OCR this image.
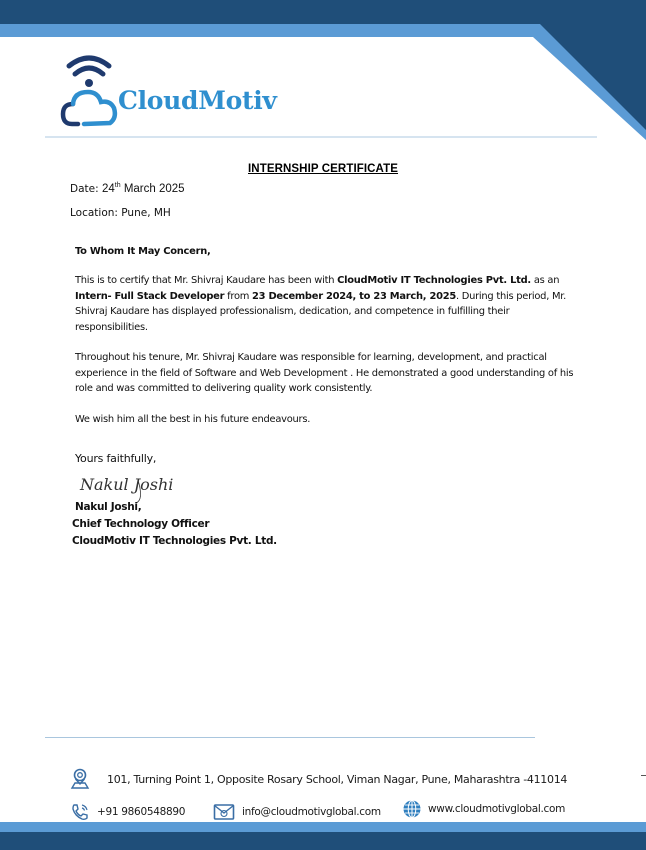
CloudMotiv
INTERNSHIP CERTIFICATE
Date: 24th March 2025
Location: Pune, MH
To Whom It May Concern,
This is to certify that Mr. Shivraj Kaudare has been with CloudMotiv IT Technologies Pvt. Ltd. as an Intern- Full Stack Developer from 23 December 2024, to 23 March, 2025. During this period, Mr. Shivraj Kaudare has displayed professionalism, dedication, and competence in fulfilling their responsibilities.
Throughout his tenure, Mr. Shivraj Kaudare was responsible for learning, development, and practical experience in the field of Software and Web Development . He demonstrated a good understanding of his role and was committed to delivering quality work consistently.
We wish him all the best in his future endeavours.
Yours faithfully,
Nakul Joshi
Nakul Joshi,
Chief Technology Officer
CloudMotiv IT Technologies Pvt. Ltd.
101, Turning Point 1, Opposite Rosary School, Viman Nagar, Pune, Maharashtra -411014
+91 9860548890	info@cloudmotivglobal.com	www.cloudmotivglobal.com
